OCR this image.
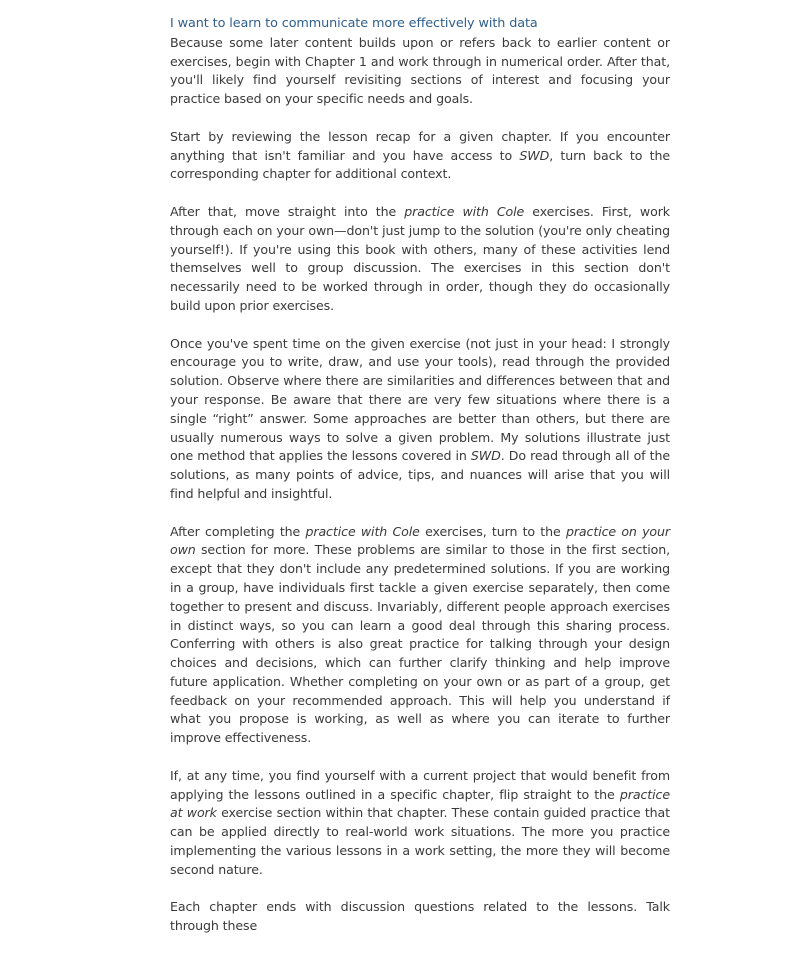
I want to learn to communicate more effectively with data

Because some later content builds upon or refers back to earlier content or exercises, begin with Chapter 1 and work through in numerical order. After that, you'll likely find yourself revisiting sections of interest and focusing your practice based on your specific needs and goals.

Start by reviewing the lesson recap for a given chapter. If you encounter anything that isn't familiar and you have access to SWD, turn back to the corresponding chapter for additional context.

After that, move straight into the practice with Cole exercises. First, work through each on your own—don't just jump to the solution (you're only cheating yourself!). If you're using this book with others, many of these activities lend themselves well to group discussion. The exercises in this section don't necessarily need to be worked through in order, though they do occasionally build upon prior exercises.

Once you've spent time on the given exercise (not just in your head: I strongly encourage you to write, draw, and use your tools), read through the provided solution. Observe where there are similarities and differences between that and your response. Be aware that there are very few situations where there is a single “right” answer. Some approaches are better than others, but there are usually numerous ways to solve a given problem. My solutions illustrate just one method that applies the lessons covered in SWD. Do read through all of the solutions, as many points of advice, tips, and nuances will arise that you will find helpful and insightful.

After completing the practice with Cole exercises, turn to the practice on your own section for more. These problems are similar to those in the first section, except that they don't include any predetermined solutions. If you are working in a group, have individuals first tackle a given exercise separately, then come together to present and discuss. Invariably, different people approach exercises in distinct ways, so you can learn a good deal through this sharing process. Conferring with others is also great practice for talking through your design choices and decisions, which can further clarify thinking and help improve future application. Whether completing on your own or as part of a group, get feedback on your recommended approach. This will help you understand if what you propose is working, as well as where you can iterate to further improve effectiveness.

If, at any time, you find yourself with a current project that would benefit from applying the lessons outlined in a specific chapter, flip straight to the practice at work exercise section within that chapter. These contain guided practice that can be applied directly to real-world work situations. The more you practice implementing the various lessons in a work setting, the more they will become second nature.

Each chapter ends with discussion questions related to the lessons. Talk through these
